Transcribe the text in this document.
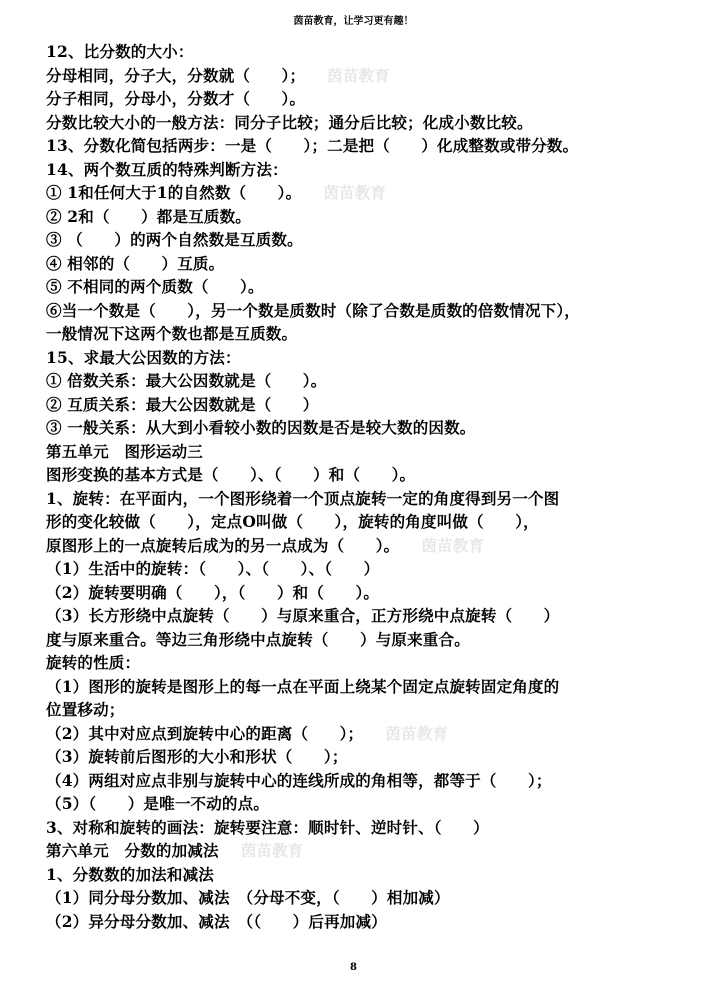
茵苗教育，让学习更有趣！
12、比分数的大小：
分母相同，分子大，分数就（　　）； 茵苗教育
分子相同，分母小，分数才（　　）。
分数比较大小的一般方法：同分子比较；通分后比较；化成小数比较。
13、分数化简包括两步：一是（　　）；二是把（　　）化成整数或带分数。
14、两个数互质的特殊判断方法：
① 1和任何大于1的自然数（　　）。 茵苗教育
② 2和（　　）都是互质数。
③ （　　）的两个自然数是互质数。
④ 相邻的（　　）互质。
⑤ 不相同的两个质数（　　）。
⑥当一个数是（　　），另一个数是质数时（除了合数是质数的倍数情况下），
一般情况下这两个数也都是互质数。
15、求最大公因数的方法：
① 倍数关系：最大公因数就是（　　）。
② 互质关系：最大公因数就是（　　）
③ 一般关系：从大到小看较小数的因数是否是较大数的因数。
第五单元　图形运动三
图形变换的基本方式是（　　）、（　　）和（　　）。
1、旋转：在平面内，一个图形绕着一个顶点旋转一定的角度得到另一个图
形的变化较做（　　），定点O叫做（　　），旋转的角度叫做（　　），
原图形上的一点旋转后成为的另一点成为（　　）。 茵苗教育
（1）生活中的旋转：（　　）、（　　）、（　　）
（2）旋转要明确（　　），（　　）和（　　）。
（3）长方形绕中点旋转（　　）与原来重合，正方形绕中点旋转（　　）
度与原来重合。等边三角形绕中点旋转（　　）与原来重合。
旋转的性质：
（1）图形的旋转是图形上的每一点在平面上绕某个固定点旋转固定角度的
位置移动；
（2）其中对应点到旋转中心的距离（　　）； 茵苗教育
（3）旋转前后图形的大小和形状（　　）；
（4）两组对应点非别与旋转中心的连线所成的角相等，都等于（　　）；
（5）（　　）是唯一不动的点。
3、对称和旋转的画法：旋转要注意：顺时针、逆时针、（　　）
第六单元　分数的加减法 茵苗教育
1、分数数的加法和减法
（1）同分母分数加、减法　（分母不变，（　　）相加减）
（2）异分母分数加、减法　（（　　）后再加减）
8
